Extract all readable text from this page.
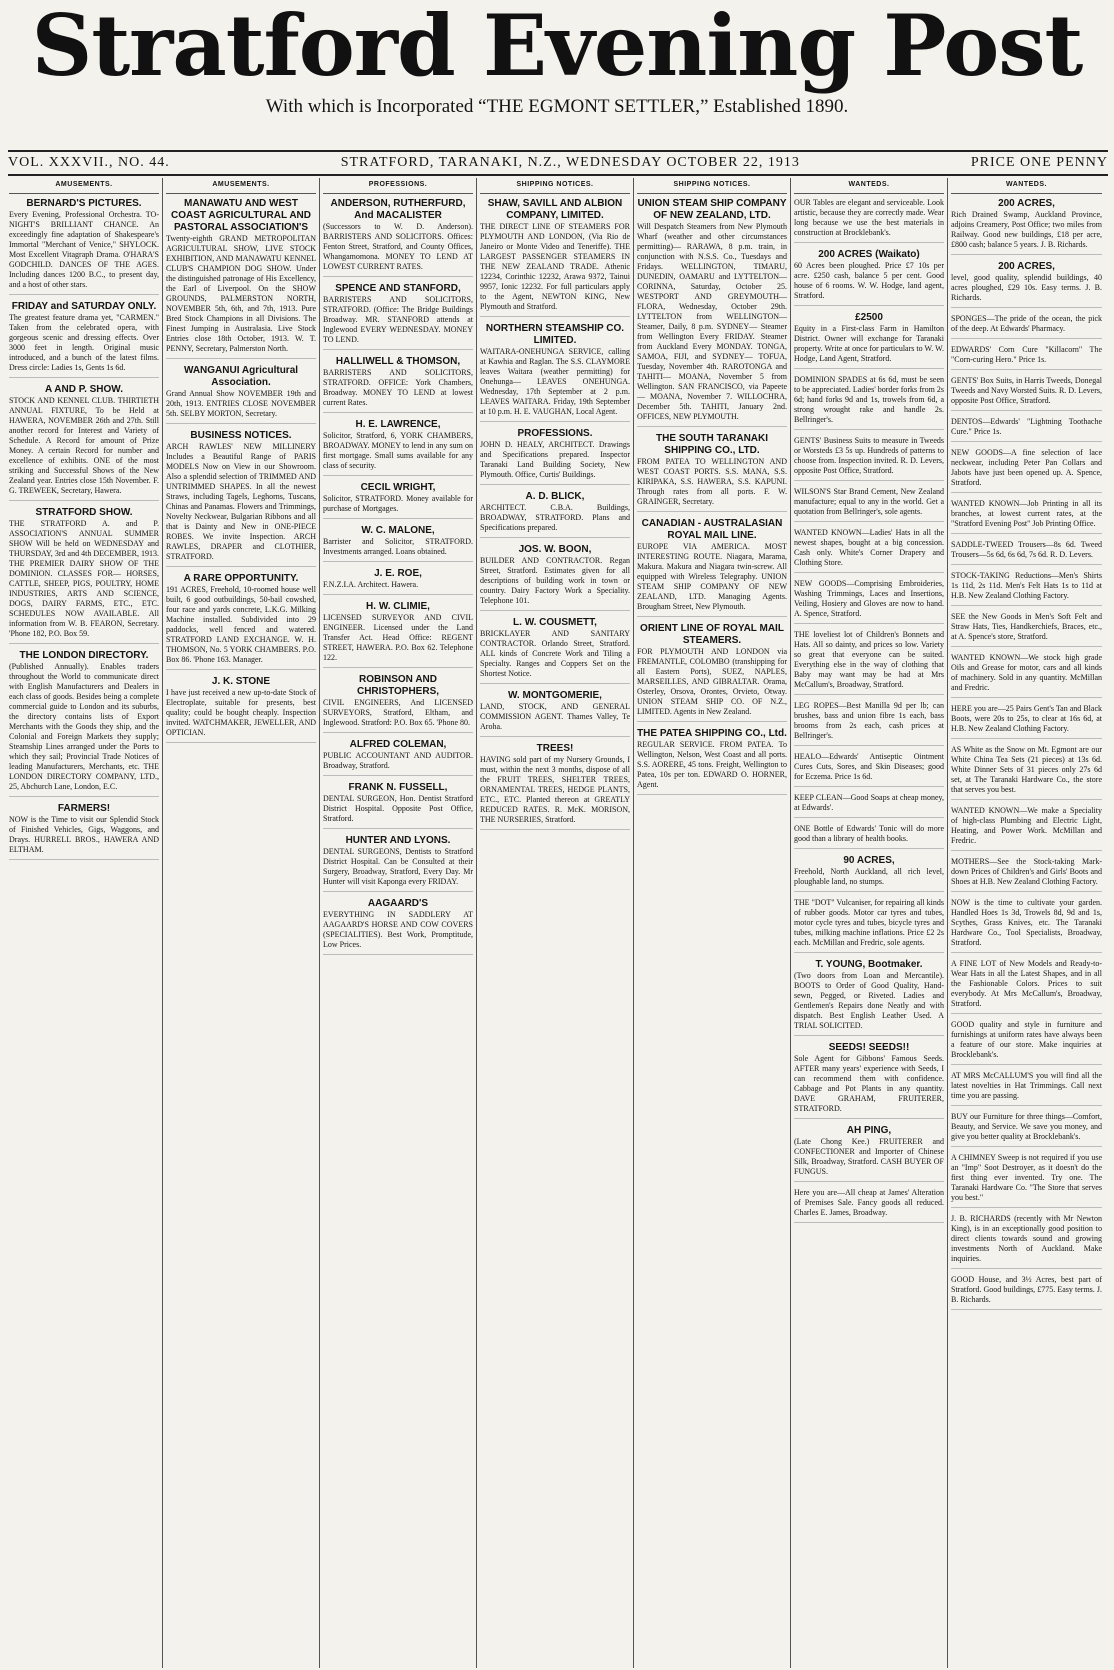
Stratford Evening Post
With which is Incorporated “THE EGMONT SETTLER,” Established 1890.
VOL. XXXVII., NO. 44.	STRATFORD, TARANAKI, N.Z., WEDNESDAY OCTOBER 22, 1913	PRICE ONE PENNY
AMUSEMENTS.
BERNARD'S PICTURES.
Every Evening, Professional Orchestra. TO-NIGHT'S BRILLIANT CHANCE. An exceedingly fine adaptation of Shakespeare's Immortal "Merchant of Venice," SHYLOCK. Most Excellent Vitagraph Drama. O'HARA'S GODCHILD. DANCES OF THE AGES. Including dances 1200 B.C., to present day, and a host of other stars.
FRIDAY and SATURDAY ONLY.
The greatest feature drama yet, "CARMEN." Taken from the celebrated opera, with gorgeous scenic and dressing effects. Over 3000 feet in length. Original music introduced, and a bunch of the latest films. Dress circle: Ladies 1s, Gents 1s 6d.
A AND P. SHOW.
STOCK AND KENNEL CLUB. THIRTIETH ANNUAL FIXTURE, To be Held at HAWERA, NOVEMBER 26th and 27th. Still another record for Interest and Variety of Schedule. A Record for amount of Prize Money. A certain Record for number and excellence of exhibits. ONE of the most striking and Successful Shows of the New Zealand year. Entries close 15th November. F. G. TREWEEK, Secretary, Hawera.
STRATFORD SHOW.
THE STRATFORD A. and P. ASSOCIATION'S ANNUAL SUMMER SHOW Will be held on WEDNESDAY and THURSDAY, 3rd and 4th DECEMBER, 1913. THE PREMIER DAIRY SHOW OF THE DOMINION. CLASSES FOR— HORSES, CATTLE, SHEEP, PIGS, POULTRY, HOME INDUSTRIES, ARTS AND SCIENCE, DOGS, DAIRY FARMS, ETC., ETC. SCHEDULES NOW AVAILABLE. All information from W. B. FEARON, Secretary. 'Phone 182, P.O. Box 59.
THE LONDON DIRECTORY.
(Published Annually). Enables traders throughout the World to communicate direct with English Manufacturers and Dealers in each class of goods. Besides being a complete commercial guide to London and its suburbs, the directory contains lists of Export Merchants with the Goods they ship, and the Colonial and Foreign Markets they supply; Steamship Lines arranged under the Ports to which they sail; Provincial Trade Notices of leading Manufacturers, Merchants, etc. THE LONDON DIRECTORY COMPANY, LTD., 25, Abchurch Lane, London, E.C.
FARMERS!
NOW is the Time to visit our Splendid Stock of Finished Vehicles, Gigs, Waggons, and Drays. HURRELL BROS., HAWERA AND ELTHAM.
AMUSEMENTS.
MANAWATU AND WEST COAST AGRICULTURAL AND PASTORAL ASSOCIATION'S
Twenty-eighth GRAND METROPOLITAN AGRICULTURAL SHOW, LIVE STOCK EXHIBITION, AND MANAWATU KENNEL CLUB'S CHAMPION DOG SHOW. Under the distinguished patronage of His Excellency, the Earl of Liverpool. On the SHOW GROUNDS, PALMERSTON NORTH, NOVEMBER 5th, 6th, and 7th, 1913. Pure Bred Stock Champions in all Divisions. The Finest Jumping in Australasia. Live Stock Entries close 18th October, 1913. W. T. PENNY, Secretary, Palmerston North.
WANGANUI Agricultural Association.
Grand Annual Show NOVEMBER 19th and 20th, 1913. ENTRIES CLOSE NOVEMBER 5th. SELBY MORTON, Secretary.
BUSINESS NOTICES.
ARCH RAWLES' NEW MILLINERY Includes a Beautiful Range of PARIS MODELS Now on View in our Showroom. Also a splendid selection of TRIMMED AND UNTRIMMED SHAPES. In all the newest Straws, including Tagels, Leghorns, Tuscans, Chinas and Panamas. Flowers and Trimmings, Novelty Neckwear, Bulgarian Ribbons and all that is Dainty and New in ONE-PIECE ROBES. We invite Inspection. ARCH RAWLES, DRAPER and CLOTHIER, STRATFORD.
A RARE OPPORTUNITY.
191 ACRES, Freehold, 10-roomed house well built, 6 good outbuildings, 50-bail cowshed, four race and yards concrete, L.K.G. Milking Machine installed. Subdivided into 29 paddocks, well fenced and watered. STRATFORD LAND EXCHANGE. W. H. THOMSON, No. 5 YORK CHAMBERS. P.O. Box 86. 'Phone 163. Manager.
J. K. STONE
I have just received a new up-to-date Stock of Electroplate, suitable for presents, best quality; could be bought cheaply. Inspection invited. WATCHMAKER, JEWELLER, AND OPTICIAN.
PROFESSIONS.
ANDERSON, RUTHERFURD, And MACALISTER
(Successors to W. D. Anderson). BARRISTERS AND SOLICITORS. Offices: Fenton Street, Stratford, and County Offices, Whangamomona. MONEY TO LEND AT LOWEST CURRENT RATES.
SPENCE AND STANFORD,
BARRISTERS AND SOLICITORS, STRATFORD. (Office: The Bridge Buildings Broadway. MR. STANFORD attends at Inglewood EVERY WEDNESDAY. MONEY TO LEND.
HALLIWELL & THOMSON,
BARRISTERS AND SOLICITORS, STRATFORD. OFFICE: York Chambers, Broadway. MONEY TO LEND at lowest current Rates.
H. E. LAWRENCE,
Solicitor, Stratford, 6, YORK CHAMBERS, BROADWAY. MONEY to lend in any sum on first mortgage. Small sums available for any class of security.
CECIL WRIGHT,
Solicitor, STRATFORD. Money available for purchase of Mortgages.
W. C. MALONE,
Barrister and Solicitor, STRATFORD. Investments arranged. Loans obtained.
J. E. ROE,
F.N.Z.I.A. Architect. Hawera.
H. W. CLIMIE,
LICENSED SURVEYOR AND CIVIL ENGINEER. Licensed under the Land Transfer Act. Head Office: REGENT STREET, HAWERA. P.O. Box 62. Telephone 122.
ROBINSON AND CHRISTOPHERS,
CIVIL ENGINEERS, And LICENSED SURVEYORS, Stratford, Eltham, and Inglewood. Stratford: P.O. Box 65. 'Phone 80.
ALFRED COLEMAN,
PUBLIC ACCOUNTANT AND AUDITOR. Broadway, Stratford.
FRANK N. FUSSELL,
DENTAL SURGEON, Hon. Dentist Stratford District Hospital. Opposite Post Office, Stratford.
HUNTER AND LYONS.
DENTAL SURGEONS, Dentists to Stratford District Hospital. Can be Consulted at their Surgery, Broadway, Stratford, Every Day. Mr Hunter will visit Kaponga every FRIDAY.
AAGAARD'S
EVERYTHING IN SADDLERY AT AAGAARD'S HORSE AND COW COVERS (SPECIALITIES). Best Work, Promptitude, Low Prices.
SHIPPING NOTICES.
SHAW, SAVILL AND ALBION COMPANY, LIMITED.
THE DIRECT LINE OF STEAMERS FOR PLYMOUTH AND LONDON, (Via Rio de Janeiro or Monte Video and Teneriffe). THE LARGEST PASSENGER STEAMERS IN THE NEW ZEALAND TRADE. Athenic 12234, Corinthic 12232, Arawa 9372, Tainui 9957, Ionic 12232. For full particulars apply to the Agent, NEWTON KING, New Plymouth and Stratford.
NORTHERN STEAMSHIP CO. LIMITED.
WAITARA-ONEHUNGA SERVICE, calling at Kawhia and Raglan. The S.S. CLAYMORE leaves Waitara (weather permitting) for Onehunga— LEAVES ONEHUNGA. Wednesday, 17th September at 2 p.m. LEAVES WAITARA. Friday, 19th September at 10 p.m. H. E. VAUGHAN, Local Agent.
PROFESSIONS.
JOHN D. HEALY, ARCHITECT. Drawings and Specifications prepared. Inspector Taranaki Land Building Society, New Plymouth. Office, Curtis' Buildings.
A. D. BLICK,
ARCHITECT. C.B.A. Buildings, BROADWAY, STRATFORD. Plans and Specifications prepared.
JOS. W. BOON,
BUILDER AND CONTRACTOR. Regan Street, Stratford. Estimates given for all descriptions of building work in town or country. Dairy Factory Work a Speciality. Telephone 101.
L. W. COUSMETT,
BRICKLAYER AND SANITARY CONTRACTOR. Orlando Street, Stratford. ALL kinds of Concrete Work and Tiling a Specialty. Ranges and Coppers Set on the Shortest Notice.
W. MONTGOMERIE,
LAND, STOCK, AND GENERAL COMMISSION AGENT. Thames Valley, Te Aroha.
TREES!
HAVING sold part of my Nursery Grounds, I must, within the next 3 months, dispose of all the FRUIT TREES, SHELTER TREES, ORNAMENTAL TREES, HEDGE PLANTS, ETC., ETC. Planted thereon at GREATLY REDUCED RATES. R. McK. MORISON, THE NURSERIES, Stratford.
SHIPPING NOTICES.
UNION STEAM SHIP COMPANY OF NEW ZEALAND, LTD.
Will Despatch Steamers from New Plymouth Wharf (weather and other circumstances permitting)— RARAWA, 8 p.m. train, in conjunction with N.S.S. Co., Tuesdays and Fridays. WELLINGTON, TIMARU, DUNEDIN, OAMARU and LYTTELTON— CORINNA, Saturday, October 25. WESTPORT AND GREYMOUTH— FLORA, Wednesday, October 29th. LYTTELTON from WELLINGTON— Steamer, Daily, 8 p.m. SYDNEY— Steamer from Wellington Every FRIDAY. Steamer from Auckland Every MONDAY. TONGA, SAMOA, FIJI, and SYDNEY— TOFUA, Tuesday, November 4th. RAROTONGA and TAHITI— MOANA, November 5 from Wellington. SAN FRANCISCO, via Papeete— MOANA, November 7. WILLOCHRA, December 5th. TAHITI, January 2nd. OFFICES, NEW PLYMOUTH.
THE SOUTH TARANAKI SHIPPING CO., LTD.
FROM PATEA TO WELLINGTON AND WEST COAST PORTS. S.S. MANA, S.S. KIRIPAKA, S.S. HAWERA, S.S. KAPUNI. Through rates from all ports. F. W. GRAINGER, Secretary.
CANADIAN - AUSTRALASIAN ROYAL MAIL LINE.
EUROPE VIA AMERICA. MOST INTERESTING ROUTE. Niagara, Marama, Makura. Makura and Niagara twin-screw. All equipped with Wireless Telegraphy. UNION STEAM SHIP COMPANY OF NEW ZEALAND, LTD. Managing Agents. Brougham Street, New Plymouth.
ORIENT LINE OF ROYAL MAIL STEAMERS.
FOR PLYMOUTH AND LONDON via FREMANTLE, COLOMBO (transhipping for all Eastern Ports), SUEZ, NAPLES, MARSEILLES, AND GIBRALTAR. Orama, Osterley, Orsova, Orontes, Orvieto, Otway. UNION STEAM SHIP CO. OF N.Z., LIMITED. Agents in New Zealand.
THE PATEA SHIPPING CO., Ltd.
REGULAR SERVICE. FROM PATEA. To Wellington, Nelson, West Coast and all ports. S.S. AORERE, 45 tons. Freight, Wellington to Patea, 10s per ton. EDWARD O. HORNER, Agent.
WANTEDS.
OUR Tables are elegant and serviceable. Look artistic, because they are correctly made. Wear long because we use the best materials in construction at Brocklebank's.
200 ACRES (Waikato)
60 Acres been ploughed. Price £7 10s per acre. £250 cash, balance 5 per cent. Good house of 6 rooms. W. W. Hodge, land agent, Stratford.
£2500
Equity in a First-class Farm in Hamilton District. Owner will exchange for Taranaki property. Write at once for particulars to W. W. Hodge, Land Agent, Stratford.
DOMINION SPADES at 6s 6d, must be seen to be appreciated. Ladies' border forks from 2s 6d; hand forks 9d and 1s, trowels from 6d, a strong wrought rake and handle 2s. Bellringer's.
GENTS' Business Suits to measure in Tweeds or Worsteds £3 5s up. Hundreds of patterns to choose from. Inspection invited. R. D. Levers, opposite Post Office, Stratford.
WILSON'S Star Brand Cement, New Zealand manufacture; equal to any in the world. Get a quotation from Bellringer's, sole agents.
WANTED KNOWN—Ladies' Hats in all the newest shapes, bought at a big concession. Cash only. White's Corner Drapery and Clothing Store.
NEW GOODS—Comprising Embroideries, Washing Trimmings, Laces and Insertions, Veiling, Hosiery and Gloves are now to hand. A. Spence, Stratford.
THE loveliest lot of Children's Bonnets and Hats. All so dainty, and prices so low. Variety so great that everyone can be suited. Everything else in the way of clothing that Baby may want may be had at Mrs McCallum's, Broadway, Stratford.
LEG ROPES—Best Manilla 9d per lb; can brushes, bass and union fibre 1s each, bass brooms from 2s each, cash prices at Bellringer's.
HEALO—Edwards' Antiseptic Ointment Cures Cuts, Sores, and Skin Diseases; good for Eczema. Price 1s 6d.
KEEP CLEAN—Good Soaps at cheap money, at Edwards'.
ONE Bottle of Edwards' Tonic will do more good than a library of health books.
90 ACRES,
Freehold, North Auckland, all rich level, ploughable land, no stumps.
THE "DOT" Vulcaniser, for repairing all kinds of rubber goods. Motor car tyres and tubes, motor cycle tyres and tubes, bicycle tyres and tubes, milking machine inflations. Price £2 2s each. McMillan and Fredric, sole agents.
T. YOUNG, Bootmaker.
(Two doors from Loan and Mercantile). BOOTS to Order of Good Quality, Hand-sewn, Pegged, or Riveted. Ladies and Gentlemen's Repairs done Neatly and with dispatch. Best English Leather Used. A TRIAL SOLICITED.
SEEDS! SEEDS!!
Sole Agent for Gibbons' Famous Seeds. AFTER many years' experience with Seeds, I can recommend them with confidence. Cabbage and Pot Plants in any quantity. DAVE GRAHAM, FRUITERER, STRATFORD.
AH PING,
(Late Chong Kee.) FRUITERER and CONFECTIONER and Importer of Chinese Silk, Broadway, Stratford. CASH BUYER OF FUNGUS.
Here you are—All cheap at James' Alteration of Premises Sale. Fancy goods all reduced. Charles E. James, Broadway.
WANTEDS.
200 ACRES,
Rich Drained Swamp, Auckland Province, adjoins Creamery, Post Office; two miles from Railway. Good new buildings, £18 per acre, £800 cash; balance 5 years. J. B. Richards.
200 ACRES,
level, good quality, splendid buildings, 40 acres ploughed, £29 10s. Easy terms. J. B. Richards.
SPONGES—The pride of the ocean, the pick of the deep. At Edwards' Pharmacy.
EDWARDS' Corn Cure "Killacorn" The "Corn-curing Hero." Price 1s.
GENTS' Box Suits, in Harris Tweeds, Donegal Tweeds and Navy Worsted Suits. R. D. Levers, opposite Post Office, Stratford.
DENTOS—Edwards' "Lightning Toothache Cure." Price 1s.
NEW GOODS—A fine selection of lace neckwear, including Peter Pan Collars and Jabots have just been opened up. A. Spence, Stratford.
WANTED KNOWN—Job Printing in all its branches, at lowest current rates, at the "Stratford Evening Post" Job Printing Office.
SADDLE-TWEED Trousers—8s 6d. Tweed Trousers—5s 6d, 6s 6d, 7s 6d. R. D. Levers.
STOCK-TAKING Reductions—Men's Shirts 1s 11d, 2s 11d. Men's Felt Hats 1s to 11d at H.B. New Zealand Clothing Factory.
SEE the New Goods in Men's Soft Felt and Straw Hats, Ties, Handkerchiefs, Braces, etc., at A. Spence's store, Stratford.
WANTED KNOWN—We stock high grade Oils and Grease for motor, cars and all kinds of machinery. Sold in any quantity. McMillan and Fredric.
HERE you are—25 Pairs Gent's Tan and Black Boots, were 20s to 25s, to clear at 16s 6d, at H.B. New Zealand Clothing Factory.
AS White as the Snow on Mt. Egmont are our White China Tea Sets (21 pieces) at 13s 6d. White Dinner Sets of 31 pieces only 27s 6d set, at The Taranaki Hardware Co., the store that serves you best.
WANTED KNOWN—We make a Speciality of high-class Plumbing and Electric Light, Heating, and Power Work. McMillan and Fredric.
MOTHERS—See the Stock-taking Mark-down Prices of Children's and Girls' Boots and Shoes at H.B. New Zealand Clothing Factory.
NOW is the time to cultivate your garden. Handled Hoes 1s 3d, Trowels 8d, 9d and 1s, Scythes, Grass Knives, etc. The Taranaki Hardware Co., Tool Specialists, Broadway, Stratford.
A FINE LOT of New Models and Ready-to-Wear Hats in all the Latest Shapes, and in all the Fashionable Colors. Prices to suit everybody. At Mrs McCallum's, Broadway, Stratford.
GOOD quality and style in furniture and furnishings at uniform rates have always been a feature of our store. Make inquiries at Brocklebank's.
AT MRS McCALLUM'S you will find all the latest novelties in Hat Trimmings. Call next time you are passing.
BUY our Furniture for three things—Comfort, Beauty, and Service. We save you money, and give you better quality at Brocklebank's.
A CHIMNEY Sweep is not required if you use an "Imp" Soot Destroyer, as it doesn't do the first thing ever invented. Try one. The Taranaki Hardware Co. "The Store that serves you best."
J. B. RICHARDS (recently with Mr Newton King), is in an exceptionally good position to direct clients towards sound and growing investments North of Auckland. Make inquiries.
GOOD House, and 3½ Acres, best part of Stratford. Good buildings, £775. Easy terms. J. B. Richards.
